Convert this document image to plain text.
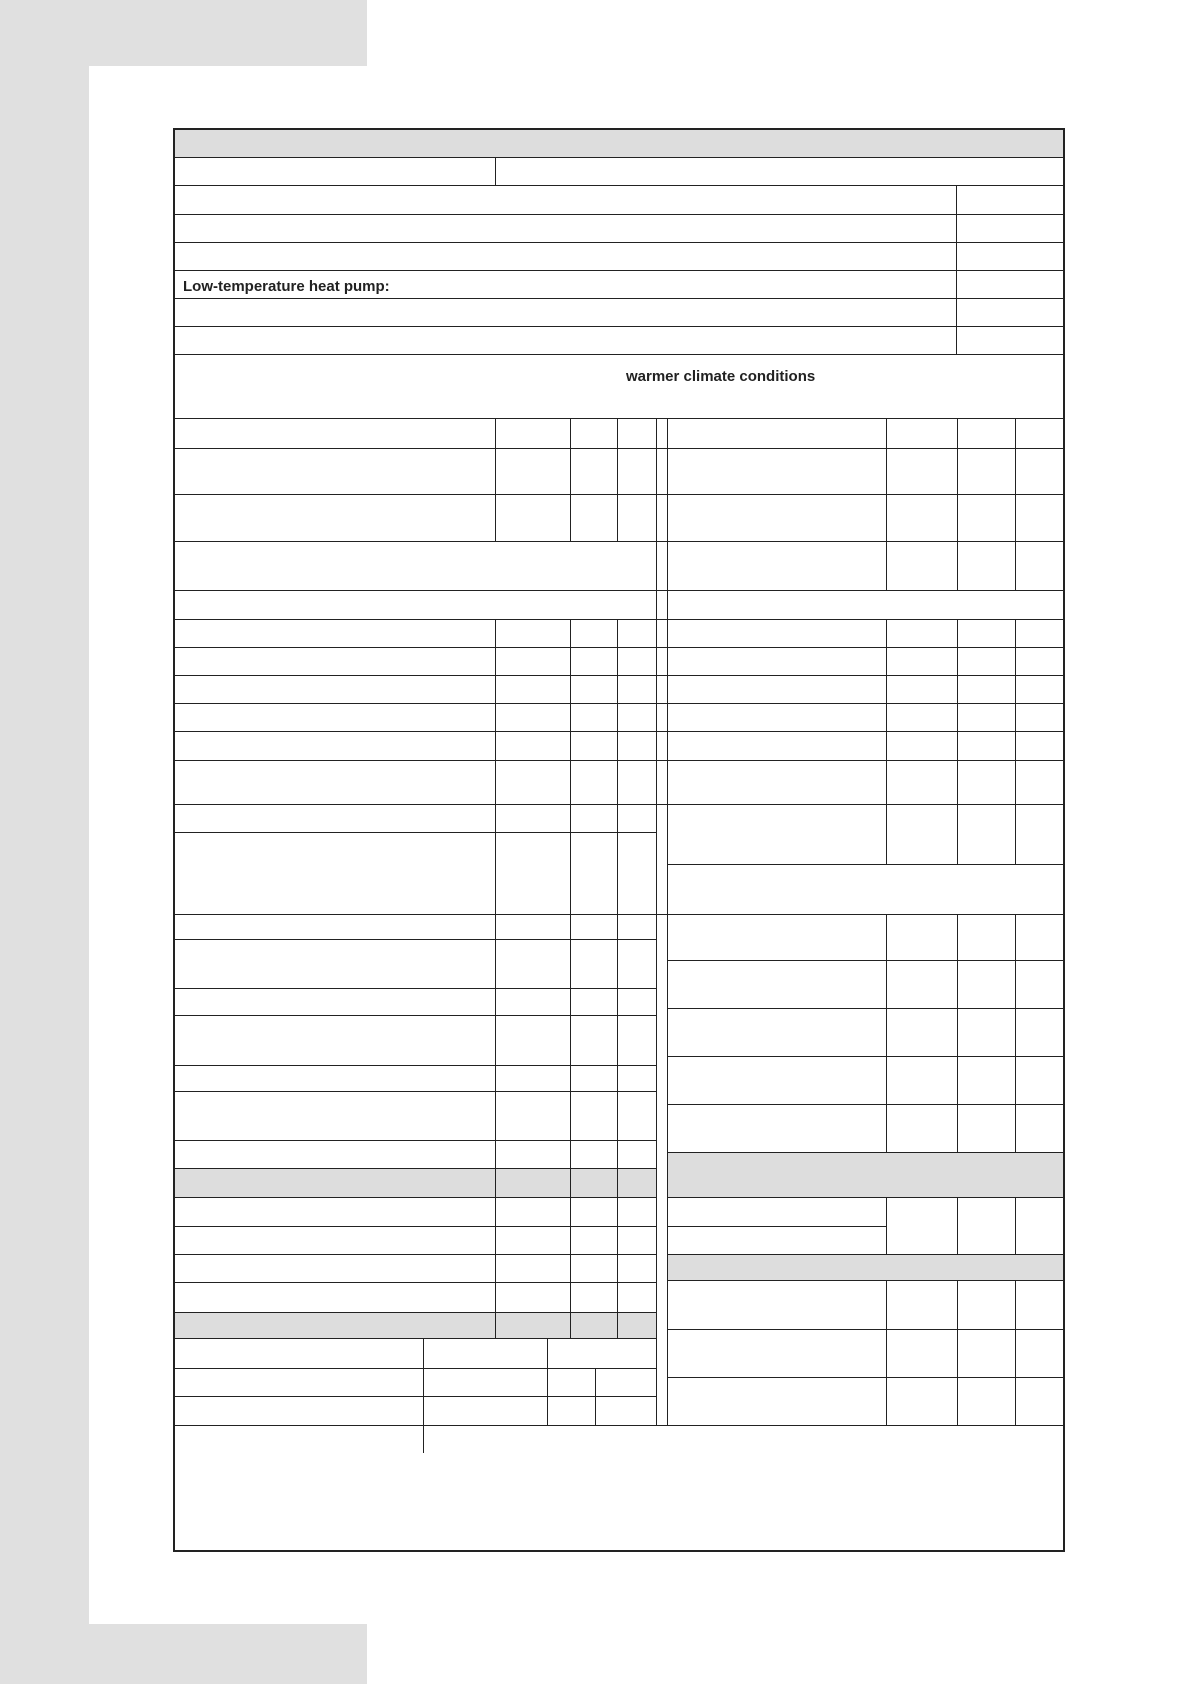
Low-temperature heat pump:
warmer climate conditions
